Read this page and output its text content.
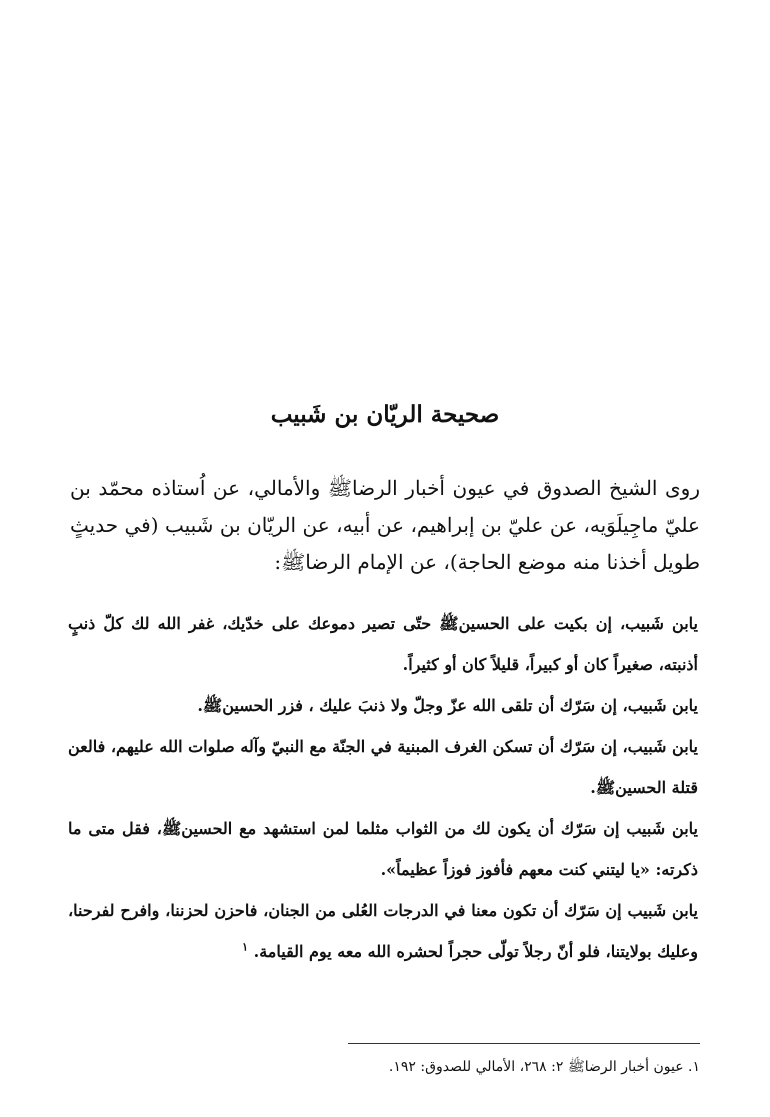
صحيحة الريّان بن شَبيب

روى الشيخ الصدوق في عيون أخبار الرضاﷺ والأمالي، عن اُستاذه محمّد بن عليّ ماجِيلَوَيه، عن عليّ بن إبراهيم، عن أبيه، عن الريّان بن شَبيب (في حديثٍ طويل أخذنا منه موضع الحاجة)، عن الإمام الرضاﷺ:

يابن شَبيب، إن بكيت على الحسينﷺ حتّى تصير دموعك على خدّيك، غفر الله لك كلّ ذنبٍ أذنبته، صغيراً كان أو كبيراً، قليلاً كان أو كثيراً.

يابن شَبيب، إن سَرّك أن تلقى الله عزّ وجلّ ولا ذنبَ عليك ، فزر الحسينﷺ.

يابن شَبيب، إن سَرّك أن تسكن الغرف المبنية في الجنّة مع النبيّ وآله صلوات الله عليهم، فالعن قتلة الحسينﷺ.

يابن شَبيب إن سَرّك أن يكون لك من الثواب مثلما لمن استشهد مع الحسينﷺ، فقل متى ما ذكرته: «يا ليتني كنت معهم فأفوز فوزاً عظيماً».

يابن شَبيب إن سَرّك أن تكون معنا في الدرجات العُلى من الجنان، فاحزن لحزننا، وافرح لفرحنا، وعليك بولايتنا، فلو أنّ رجلاً تولّى حجراً لحشره الله معه يوم القيامة. $^١$

١. عيون أخبار الرضاﷺ ٢: ٢٦٨، الأمالي للصدوق: ١٩٢.
